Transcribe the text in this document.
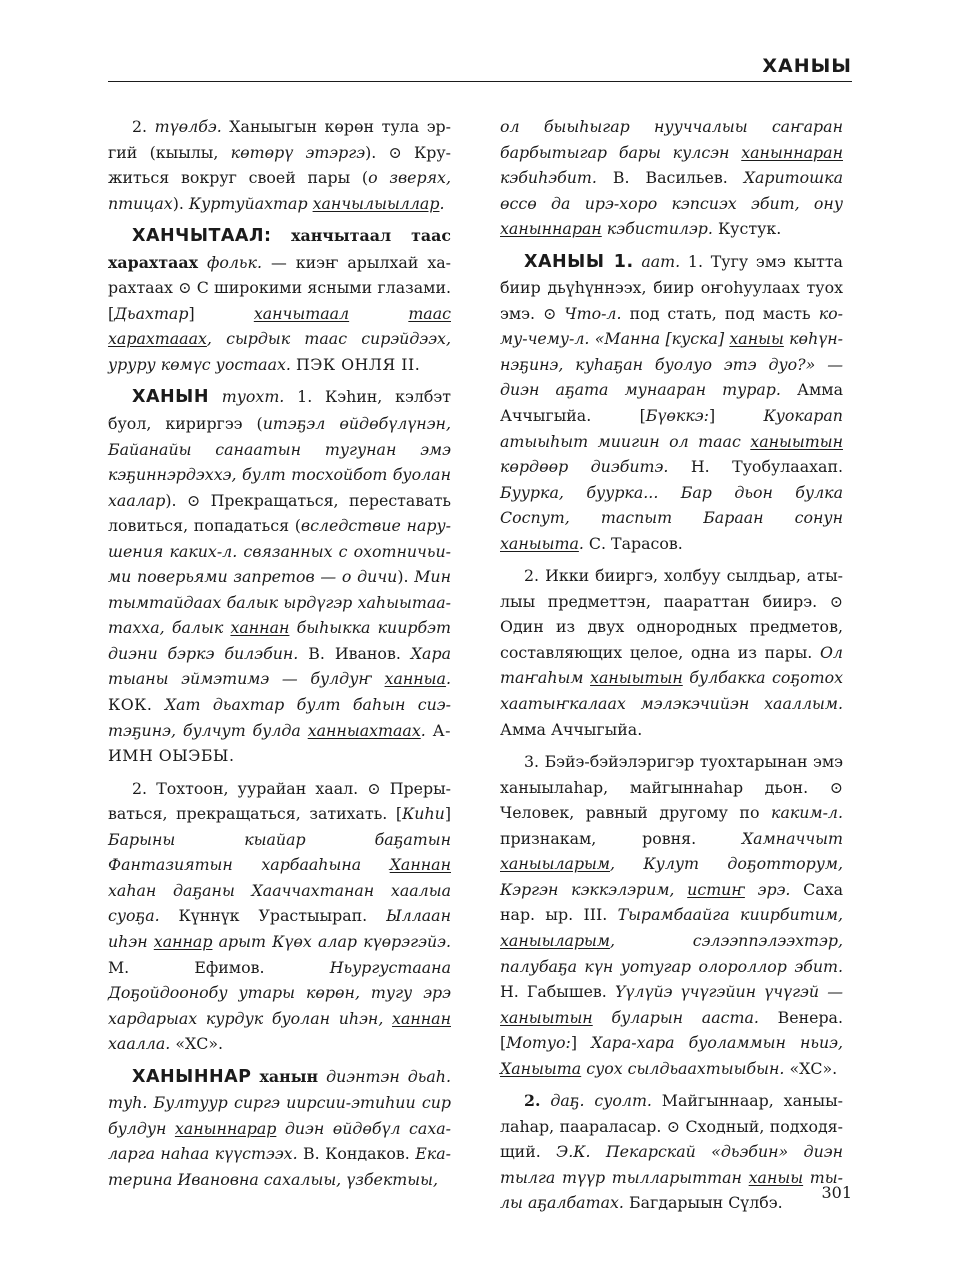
ХАНЫЫ

2. түөлбэ. Ханыыгын көрөн тула эргий (кыылы, көтөрү этэргэ). ⊙ Кружиться вокруг своей пары (о зверях, птицах). Куртуйахтар ханчылыыллар.

ХАНЧЫТААЛ: ханчытаал таас харахтаах фольк. — киэҥ арылхай харахтаах ⊙ С широкими ясными глазами. [Дьахтар] ханчытаал	таас харахтааах, сырдык таас сирэйдээх, уруру көмүс уостаах. ПЭК ОНЛЯ II.

ХАНЫН туохт. 1. Кэһин, кэлбэт буол, кириргээ (итэҕэл өйдөбүлүнэн, Байанайы санаатын тугунан эмэ кэҕиннэрдэххэ, булт тосхойбот буолан хаалар). ⊙ Прекращаться, переставать ловиться, попадаться (вследствие нарушения каких-л. связанных с охотничьими поверьями запретов — о дичи). Мин тымтайдаах балык ырдүгэр хаһыытаатахха, балык ханнан быһыкка киирбэт диэни бэркэ билэбин. В. Иванов. Хара тыаны эймэтимэ — булдуҥ ханныа. КОК. Хат дьахтар булт баһын сиэтэҕинэ, булчут булда ханныахтаах. А-ИМН ОЫЭБЫ.

2. Тохтоон, уурайан хаал. ⊙ Прерываться, прекращаться, затихать. [Киһи] Барыны кыайар баҕатын Фантазиятын харбааһына Ханнан хаһан даҕаны Хааччахтанан хаалыа суоҕа. Күннүк Урастыырап. Ыллаан иһэн ханнар арыт Күөх алар күөрэгэйэ. М. Ефимов. Ньургустаана Доҕойдоонобу утары көрөн, тугу эрэ хардарыах курдук буолан иһэн, ханнан хаалла. «ХС».

ХАНЫННАР ханын диэнтэн дьаһ. туһ. Бултуур сиргэ иирсии-этиһии сир булдун ханыннарар диэн өйдөбүл сахаларга наһаа күүстээх. В. Кондаков. Екатерина Ивановна сахалыы, үзбектыы,

ол быыһыгар нууччалыы саҥаран барбытыгар бары кулсэн ханыннаран кэбиһэбит. В. Васильев. Харитошка өссө да ирэ-хоро кэпсиэх эбит, ону ханыннаран кэбистилэр. Кустук.

ХАНЫЫ 1. аат. 1. Тугу эмэ кытта биир дьүһүннээх, биир оҥоһуулаах туох эмэ. ⊙ Что-л. под стать, под масть кому-чему-л. «Манна [куска] ханыы көһүннэҕинэ, куһаҕан буолуо этэ дуо?» — диэн аҕата мунааран турар. Амма Аччыгыйа. [Бүөккэ:] Куокарап атыыһыт миигин ол таас ханыытын көрдөөр диэбитэ. Н. Туобулаахап. Буурка, буурка... Бар дьон булка Соспут, таспыт Бараан сонун ханыыта. С. Тарасов.

2. Икки бииргэ, холбуу сылдьар, атылыы предметтэн, паараттан биирэ. ⊙ Один из двух однородных предметов, составляющих целое, одна из пары. Ол таҥаһым ханыытын булбакка соҕотох хаатыҥкалаах мэлэкэчийэн хааллым. Амма Аччыгыйа.

3. Бэйэ-бэйэлэригэр туохтарынан эмэ ханыылаһар, майгыннаһар дьон. ⊙ Человек, равный другому по каким-л. признакам, ровня. Хамначчыт ханыыларым, Кулут доҕотторум, Кэргэн кэккэлэрим, истиҥ эрэ. Саха нар. ыр. III. Тырамбаайга киирбитим, ханыыларым, сэлээппэлээхтэр, палубаҕа күн уотугар олороллор эбит. Н. Габышев. Үүлүйэ үчүгэйин үчүгэй — ханыытын буларын ааста. Венера. [Мотуо:] Хара-хара буоламмын ньиэ, Ханыыта суох сылдьаахтыыбын. «ХС».

2. даҕ. суолт. Майгыннаар, ханыылаһар, паараласар. ⊙ Сходный, подходящий. Э.К. Пекарскай «дьэбин» диэн тылга түүр тылларыттан ханыы тылы аҕалбатах. Багдарыын Сүлбэ.

301
